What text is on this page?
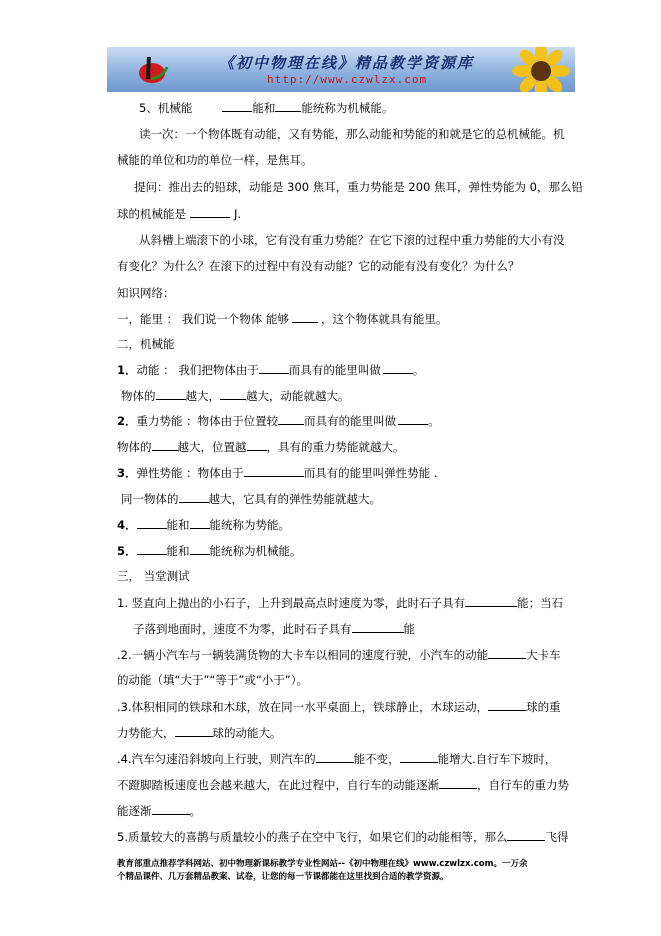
《初中物理在线》精品教学资源库
http://www.czwlzx.com
5、机械能	能和 能统称为机械能。
读一次：一个物体既有动能，又有势能，那么动能和势能的和就是它的总机械能。机
械能的单位和功的单位一样，是焦耳。
提问：推出去的铅球，动能是 300 焦耳，重力势能是 200 焦耳，弹性势能为 0，那么铅
球的机械能是	J.
从斜槽上端滚下的小球，它有没有重力势能？在它下滚的过程中重力势能的大小有没
有变化？为什么？在滚下的过程中有没有动能？它的动能有没有变化？为什么？
知识网络：
一，能里 ： 我们说一个物体 能够	，这个物体就具有能里。
二，机械能
1．动能 ： 我们把物体由于	而具有的能里叫做	。
物体的	越大， 越大，动能就越大。
2．重力势能 ：物体由于位置较 而具有的能里叫做	。
物体的 越大，位置越 ，具有的重力势能就越大。
3．弹性势能 ：物体由于	而具有的能里叫弹性势能 .
同一物体的	越大，它具有的弹性势能就越大。
4．	能和 能统称为势能。
5．	能和 能统称为机械能。
三， 当堂测试
1. 竖直向上抛出的小石子，上升到最高点时速度为零，此时石子具有	能；当石
子落到地面时，速度不为零，此时石子具有	能
.2.一辆小汽车与一辆装满货物的大卡车以相同的速度行驶，小汽车的动能	大卡车
的动能（填“大于”“等于”或“小于”）。
.3.体积相同的铁球和木球，放在同一水平桌面上，铁球静止，木球运动，	球的重
力势能大，	球的动能大。
.4.汽车匀速沿斜坡向上行驶，则汽车的	能不变，	能增大.自行车下坡时，
不蹬脚踏板速度也会越来越大，在此过程中，自行车的动能逐渐	，自行车的重力势
能逐渐	。
5.质量较大的喜鹊与质量较小的燕子在空中飞行，如果它们的动能相等，那么	飞得
教育部重点推荐学科网站、初中物理新课标教学专业性网站--《初中物理在线》www.czwlzx.com。一万余
个精品课件、几万套精品教案、试卷，让您的每一节课都能在这里找到合适的教学资源。
